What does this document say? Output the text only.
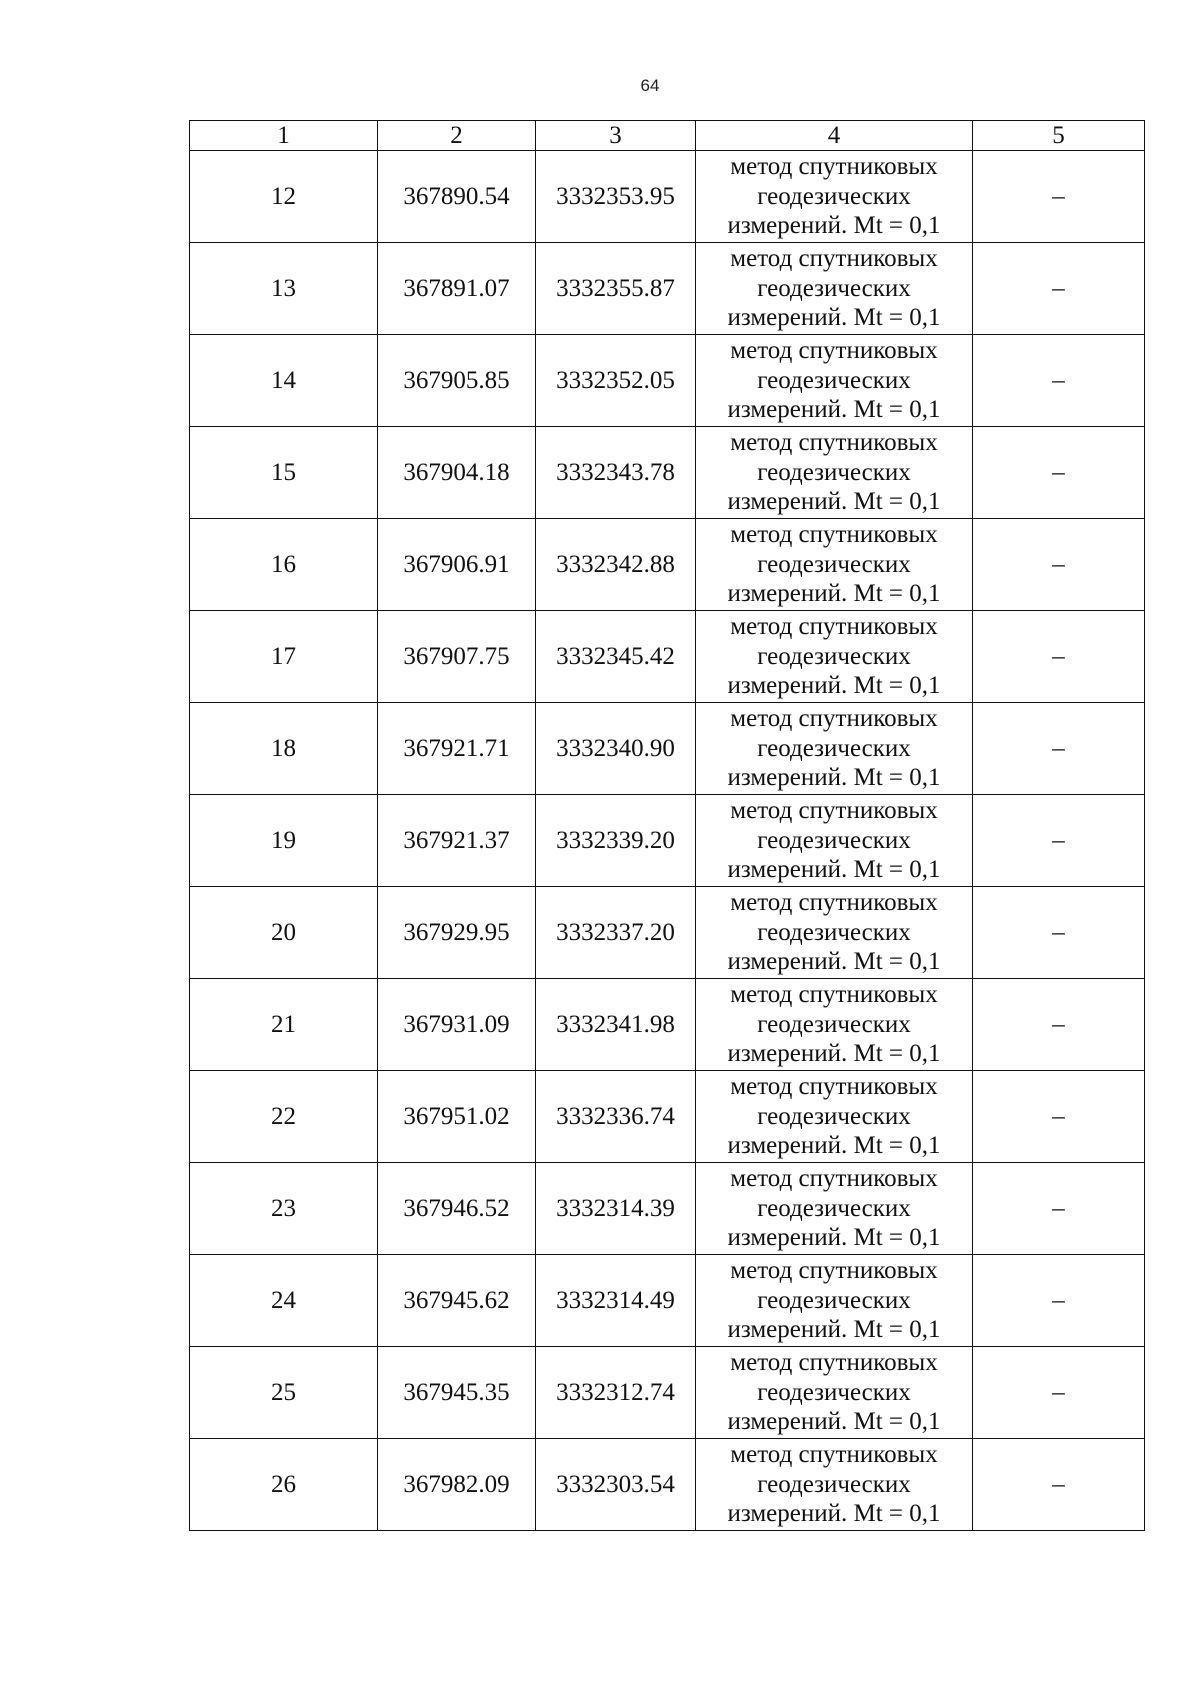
64
1	2	3	4	5
12	367890.54	3332353.95	метод спутниковых
геодезических
измерений. Mt = 0,1	–
13	367891.07	3332355.87	метод спутниковых
геодезических
измерений. Mt = 0,1	–
14	367905.85	3332352.05	метод спутниковых
геодезических
измерений. Mt = 0,1	–
15	367904.18	3332343.78	метод спутниковых
геодезических
измерений. Mt = 0,1	–
16	367906.91	3332342.88	метод спутниковых
геодезических
измерений. Mt = 0,1	–
17	367907.75	3332345.42	метод спутниковых
геодезических
измерений. Mt = 0,1	–
18	367921.71	3332340.90	метод спутниковых
геодезических
измерений. Mt = 0,1	–
19	367921.37	3332339.20	метод спутниковых
геодезических
измерений. Mt = 0,1	–
20	367929.95	3332337.20	метод спутниковых
геодезических
измерений. Mt = 0,1	–
21	367931.09	3332341.98	метод спутниковых
геодезических
измерений. Mt = 0,1	–
22	367951.02	3332336.74	метод спутниковых
геодезических
измерений. Mt = 0,1	–
23	367946.52	3332314.39	метод спутниковых
геодезических
измерений. Mt = 0,1	–
24	367945.62	3332314.49	метод спутниковых
геодезических
измерений. Mt = 0,1	–
25	367945.35	3332312.74	метод спутниковых
геодезических
измерений. Mt = 0,1	–
26	367982.09	3332303.54	метод спутниковых
геодезических
измерений. Mt = 0,1	–
